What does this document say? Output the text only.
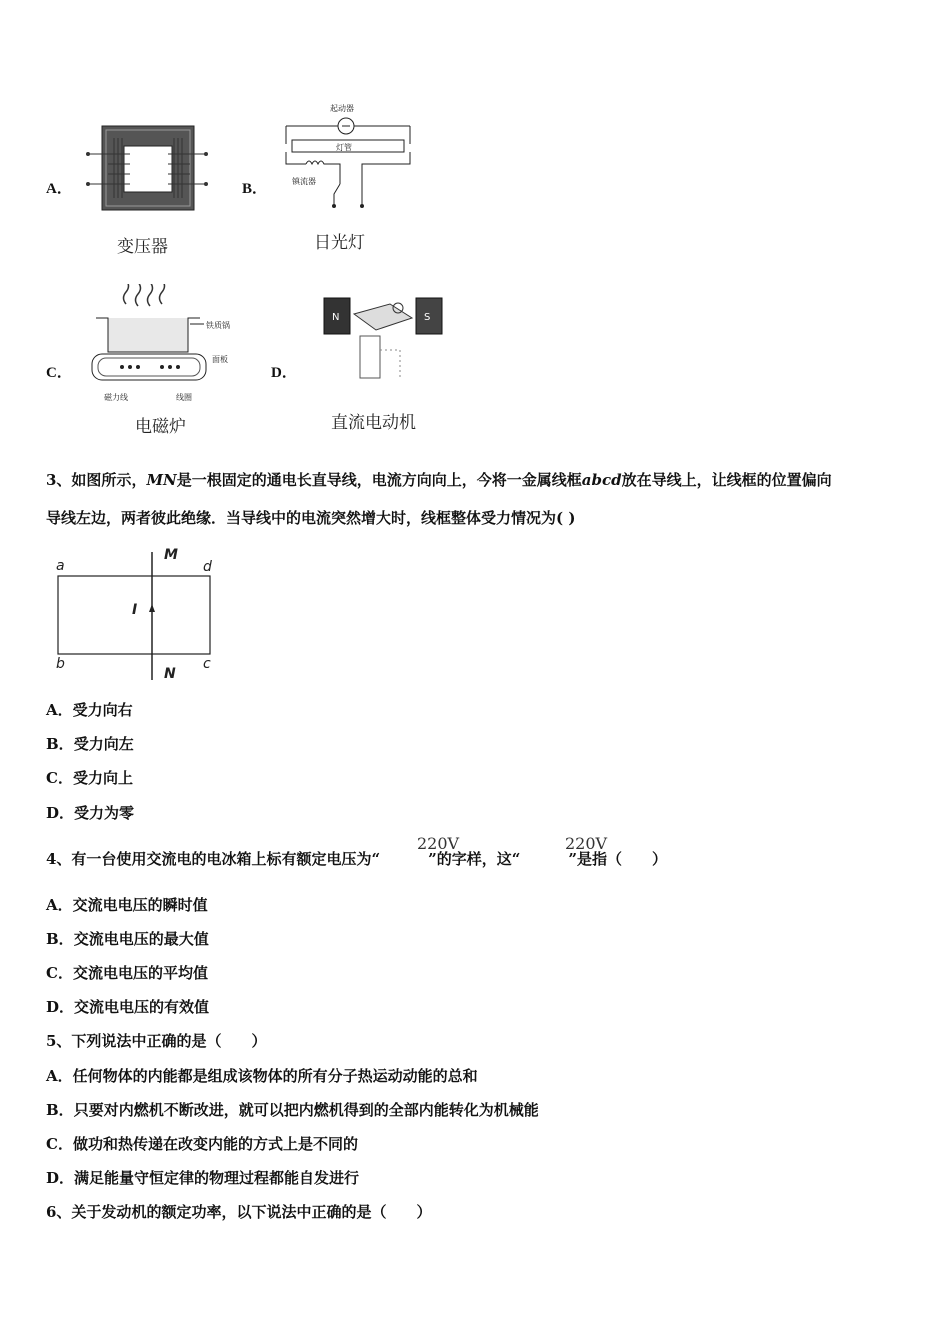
A．
变压器
B．
起动器
灯管
镇流器
日光灯
C．
铁质锅
面板
磁力线	线圈
电磁炉
D．
N	S
直流电动机
3、如图所示，MN是一根固定的通电长直导线，电流方向向上，今将一金属线框abcd放在导线上，让线框的位置偏向
导线左边，两者彼此绝缘．当导线中的电流突然增大时，线框整体受力情况为( )
a	d
b	c
M
N
I
A．受力向右
B．受力向左
C．受力向上
D．受力为零
4、有一台使用交流电的电冰箱上标有额定电压为“	”的字样，这“	”是指（　　）
220V	220V
A．交流电电压的瞬时值
B．交流电电压的最大值
C．交流电电压的平均值
D．交流电电压的有效值
5、下列说法中正确的是（　　）
A．任何物体的内能都是组成该物体的所有分子热运动动能的总和
B．只要对内燃机不断改进，就可以把内燃机得到的全部内能转化为机械能
C．做功和热传递在改变内能的方式上是不同的
D．满足能量守恒定律的物理过程都能自发进行
6、关于发动机的额定功率，以下说法中正确的是（　　）
